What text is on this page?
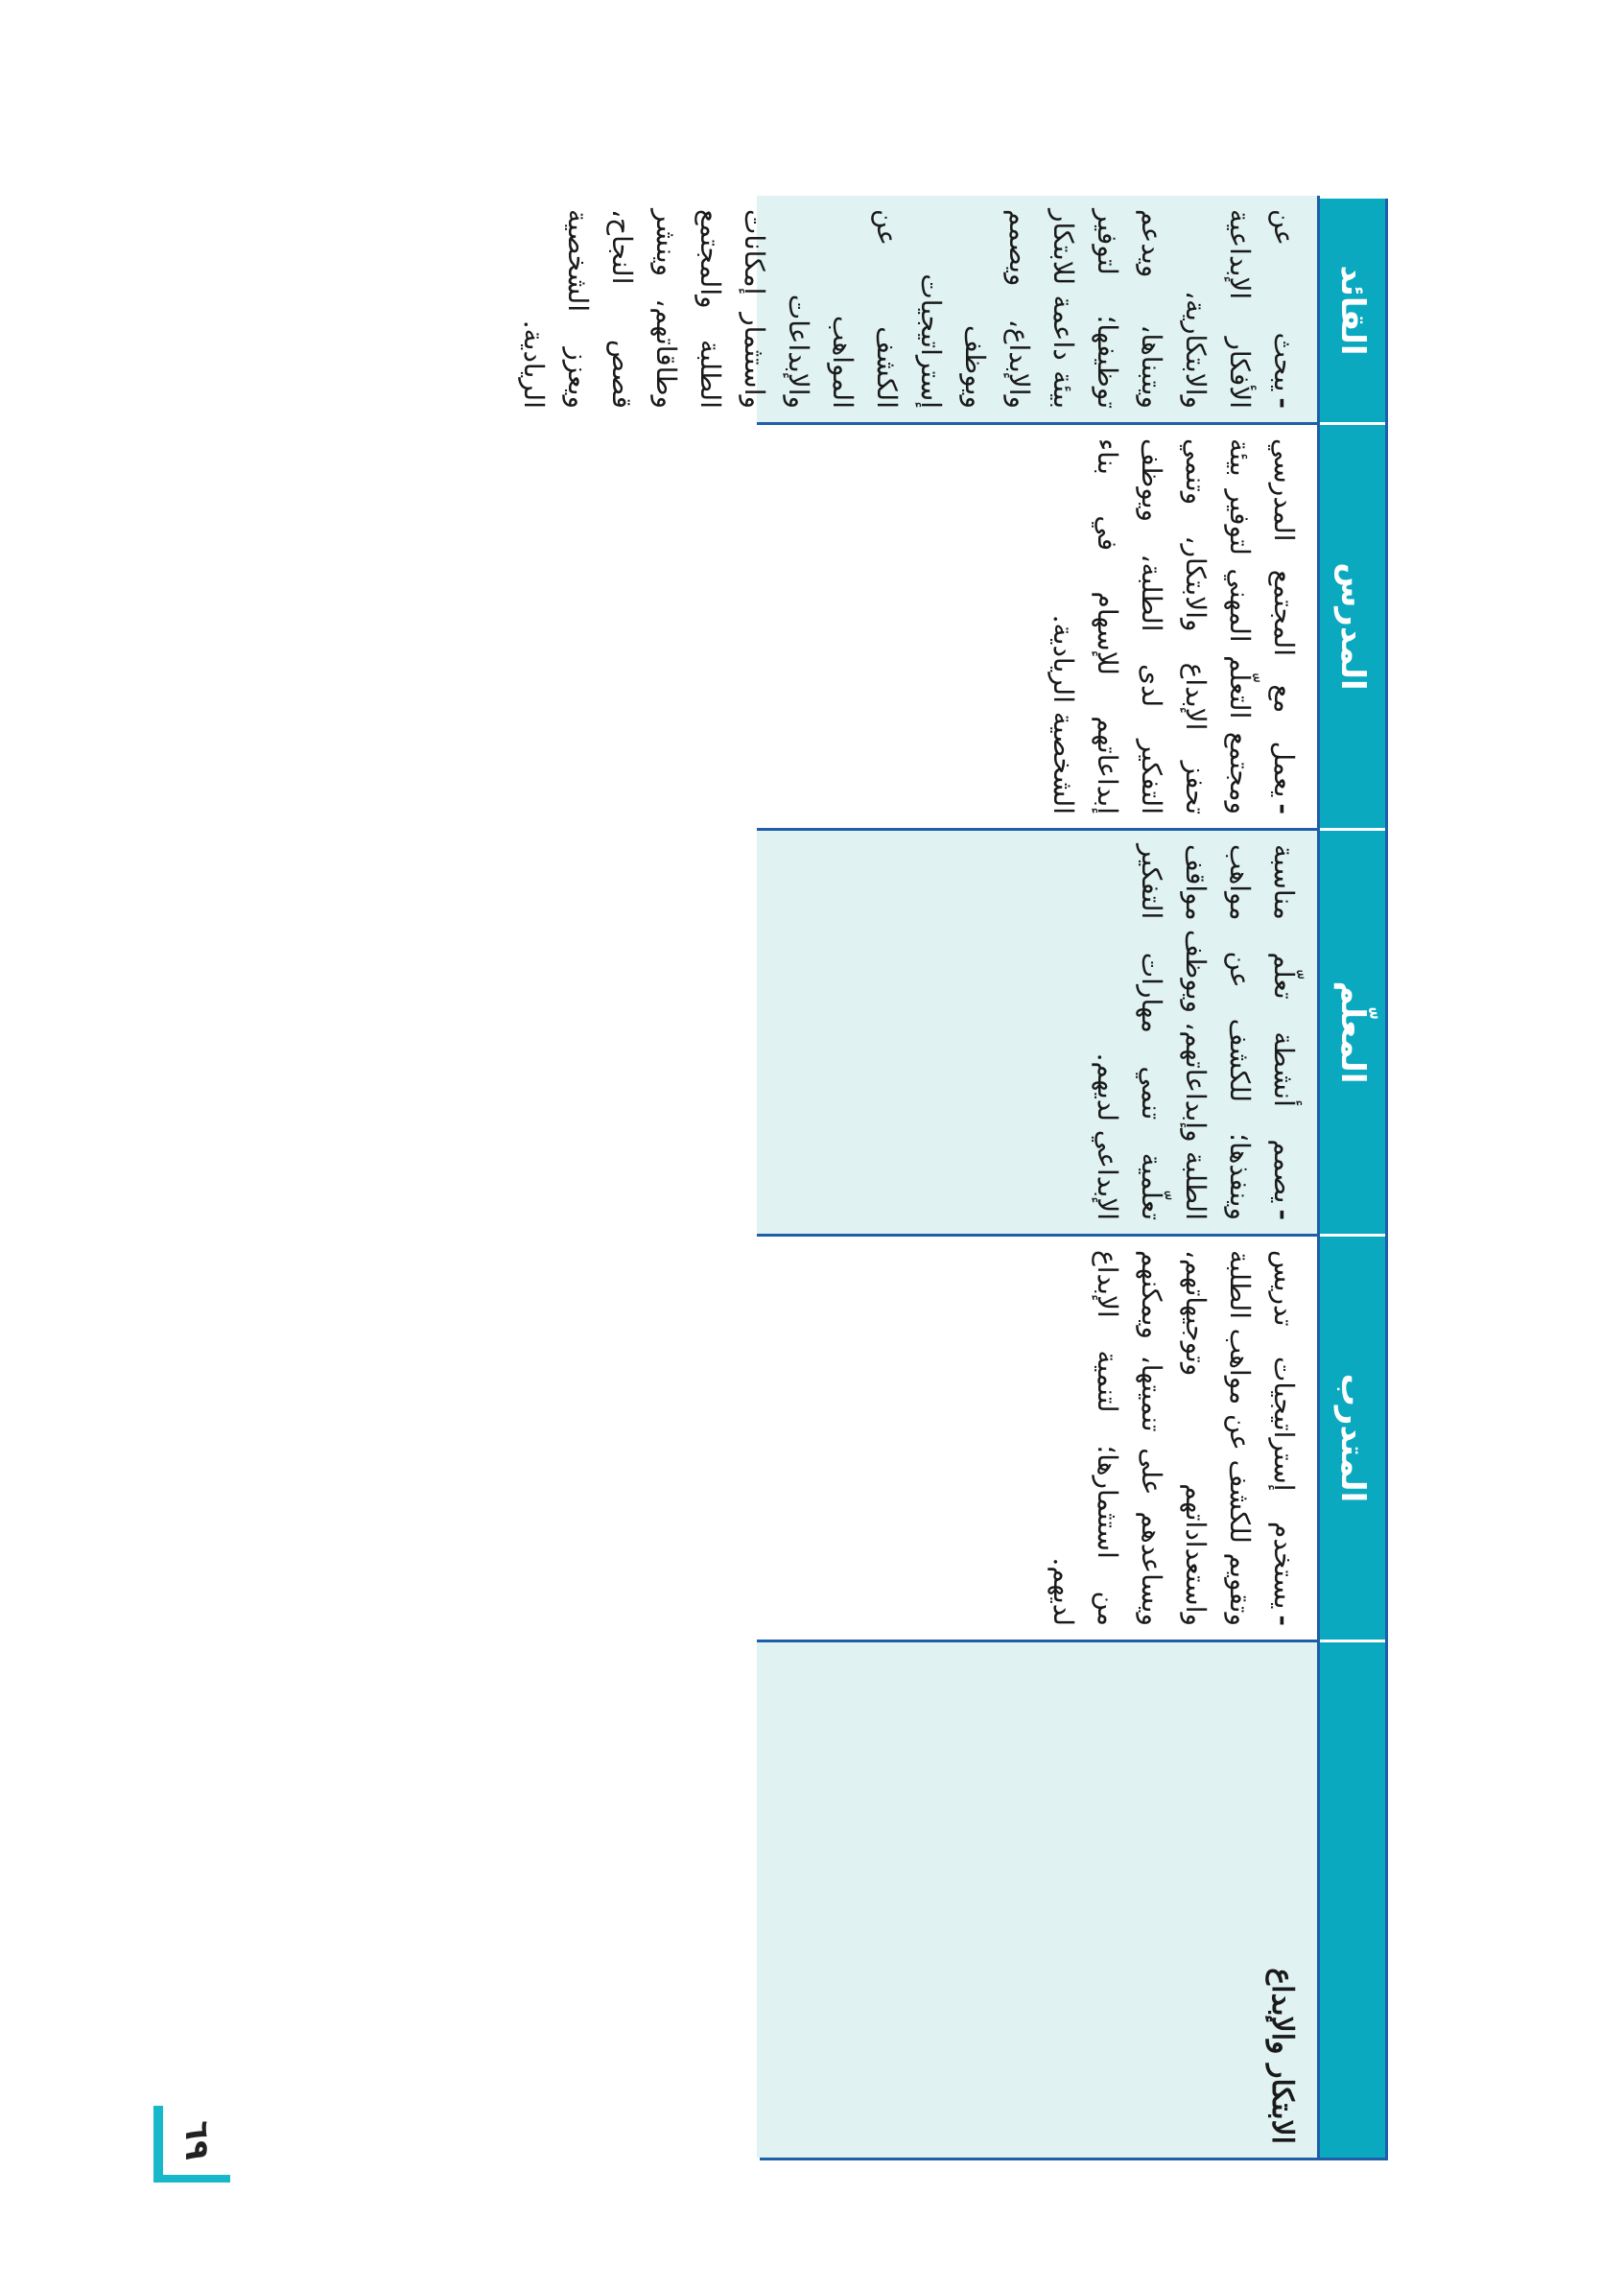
المتدرب
المعلّم
المدرس
القائد
الابتكار والإبداع
-يستخدم إستراتيجيات تدريس وتقويم للكشف عن مواهب الطلبة واستعداداتهم وتوجيهاتهم، ويساعدهم على تنميتها، ويمكنهم من استثمارها؛ لتنمية الإبداع لديهم.
-يصمم أنشطة تعلّم مناسبة وينفذها؛ للكشف عن مواهب الطلبة وإبداعاتهم، ويوظف مواقف تعلّمية تنمي مهارات التفكير الإبداعي لديهم.
-يعمل مع المجتمع المدرسي ومجتمع التعلّم المهني لتوفير بيئة تحفز الإبداع والابتكار، وتنمي التفكير لدى الطلبة، ويوظف إبداعاتهم للإسهام في بناء الشخصية الريادية.
-يبحث عن الأفكار الإبداعية والابتكارية، ويتبناها، ويدعم توظيفها؛ لتوفير بيئة داعمة للابتكار والإبداع، ويصمم ويوظف إستراتيجيات الكشف عن المواهب والإبداعات واستثمار إمكانات الطلبة والمجتمع وطاقاتهم، وينشر قصص النجاح، ويعزز الشخصية الريادية.
٦٩
